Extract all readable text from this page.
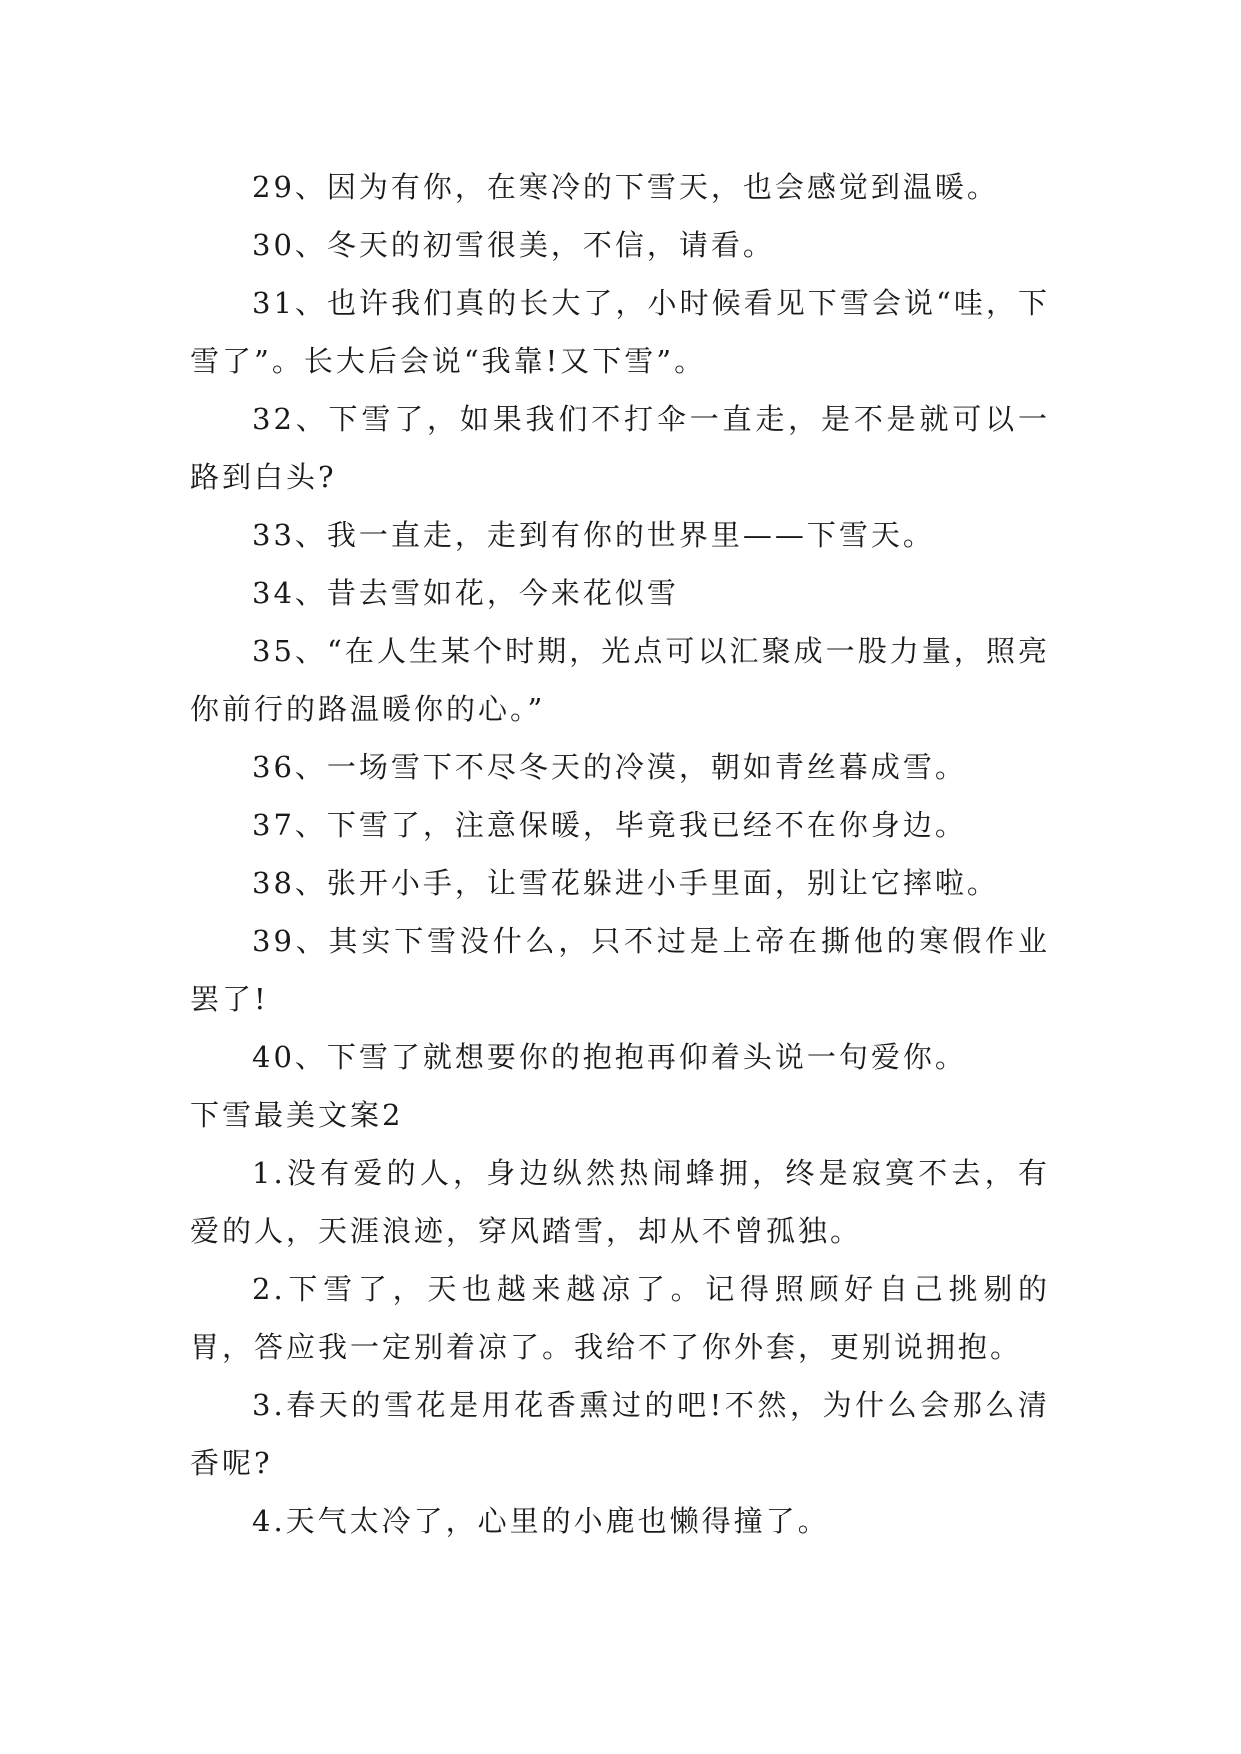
29、因为有你，在寒冷的下雪天，也会感觉到温暖。

30、冬天的初雪很美，不信，请看。

31、也许我们真的长大了，小时候看见下雪会说“哇，下雪了”。长大后会说“我靠!又下雪”。

32、下雪了，如果我们不打伞一直走，是不是就可以一路到白头?

33、我一直走，走到有你的世界里——下雪天。

34、昔去雪如花，今来花似雪

35、“在人生某个时期，光点可以汇聚成一股力量，照亮你前行的路温暖你的心。”

36、一场雪下不尽冬天的冷漠，朝如青丝暮成雪。

37、下雪了，注意保暖，毕竟我已经不在你身边。

38、张开小手，让雪花躲进小手里面，别让它摔啦。

39、其实下雪没什么，只不过是上帝在撕他的寒假作业罢了!

40、下雪了就想要你的抱抱再仰着头说一句爱你。

下雪最美文案2

1.没有爱的人，身边纵然热闹蜂拥，终是寂寞不去，有爱的人，天涯浪迹，穿风踏雪，却从不曾孤独。

2.下雪了，天也越来越凉了。记得照顾好自己挑剔的胃，答应我一定别着凉了。我给不了你外套，更别说拥抱。

3.春天的雪花是用花香熏过的吧!不然，为什么会那么清香呢?

4.天气太冷了，心里的小鹿也懒得撞了。
